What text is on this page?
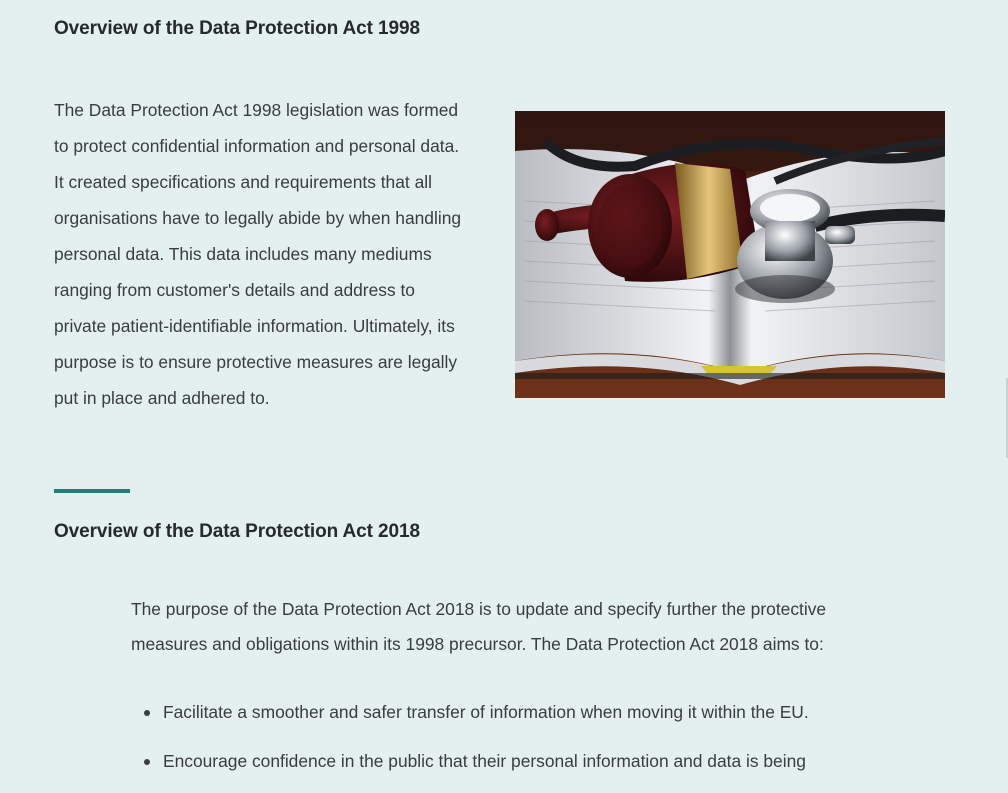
Overview of the Data Protection Act 1998

The Data Protection Act 1998 legislation was formed to protect confidential information and personal data. It created specifications and requirements that all organisations have to legally abide by when handling personal data. This data includes many mediums ranging from customer's details and address to private patient-identifiable information. Ultimately, its purpose is to ensure protective measures are legally put in place and adhered to.

Overview of the Data Protection Act 2018

The purpose of the Data Protection Act 2018 is to update and specify further the protective measures and obligations within its 1998 precursor. The Data Protection Act 2018 aims to:

Facilitate a smoother and safer transfer of information when moving it within the EU.
Encourage confidence in the public that their personal information and data is being
